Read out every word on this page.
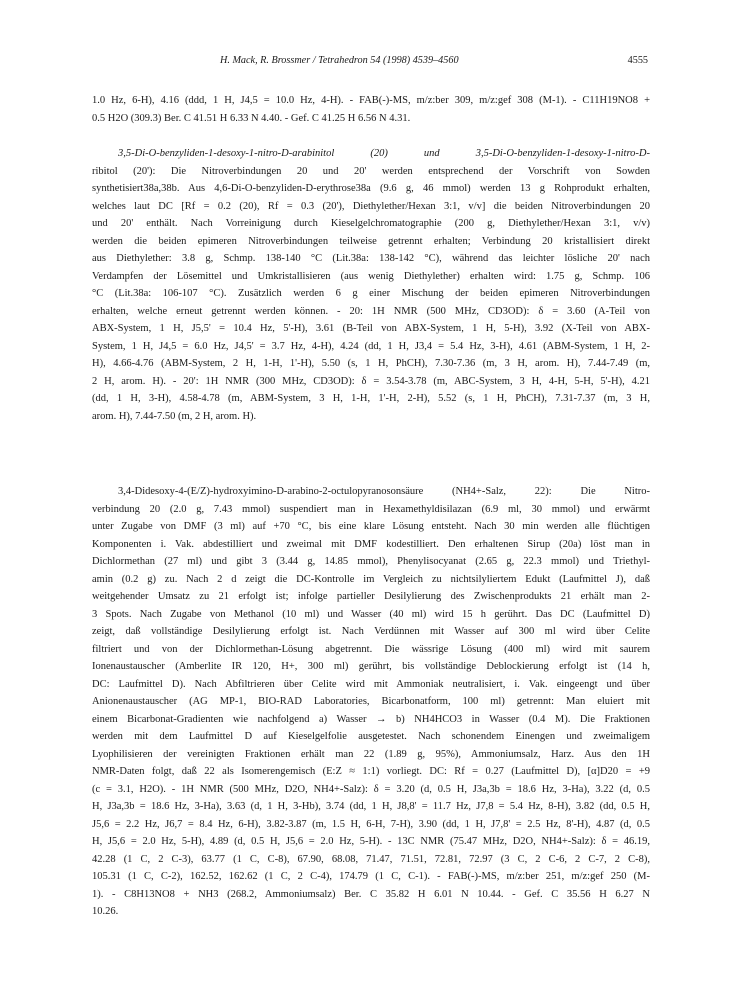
H. Mack, R. Brossmer / Tetrahedron 54 (1998) 4539–4560	4555
1.0 Hz, 6-H), 4.16 (ddd, 1 H, J4,5 = 10.0 Hz, 4-H). - FAB(-)-MS, m/z:ber 309, m/z:gef 308 (M-1). - C11H19NO8 +
0.5 H2O (309.3) Ber. C 41.51 H 6.33 N 4.40. - Gef. C 41.25 H 6.56 N 4.31.
3,5-Di-O-benzyliden-1-desoxy-1-nitro-D-arabinitol (20) und 3,5-Di-O-benzyliden-1-desoxy-1-nitro-D-
ribitol (20'): Die Nitroverbindungen 20 und 20' werden entsprechend der Vorschrift von Sowden
synthetisiert38a,38b. Aus 4,6-Di-O-benzyliden-D-erythrose38a (9.6 g, 46 mmol) werden 13 g Rohprodukt erhalten,
welches laut DC [Rf = 0.2 (20), Rf = 0.3 (20'), Diethylether/Hexan 3:1, v/v] die beiden Nitroverbindungen 20
und 20' enthält. Nach Vorreinigung durch Kieselgelchromatographie (200 g, Diethylether/Hexan 3:1, v/v)
werden die beiden epimeren Nitroverbindungen teilweise getrennt erhalten; Verbindung 20 kristallisiert direkt
aus Diethylether: 3.8 g, Schmp. 138-140 °C (Lit.38a: 138-142 °C), während das leichter lösliche 20' nach
Verdampfen der Lösemittel und Umkristallisieren (aus wenig Diethylether) erhalten wird: 1.75 g, Schmp. 106
°C (Lit.38a: 106-107 °C). Zusätzlich werden 6 g einer Mischung der beiden epimeren Nitroverbindungen
erhalten, welche erneut getrennt werden können. - 20: 1H NMR (500 MHz, CD3OD): δ = 3.60 (A-Teil von
ABX-System, 1 H, J5,5' = 10.4 Hz, 5'-H), 3.61 (B-Teil von ABX-System, 1 H, 5-H), 3.92 (X-Teil von ABX-
System, 1 H, J4,5 = 6.0 Hz, J4,5' = 3.7 Hz, 4-H), 4.24 (dd, 1 H, J3,4 = 5.4 Hz, 3-H), 4.61 (ABM-System, 1 H, 2-
H), 4.66-4.76 (ABM-System, 2 H, 1-H, 1'-H), 5.50 (s, 1 H, PhCH), 7.30-7.36 (m, 3 H, arom. H), 7.44-7.49 (m,
2 H, arom. H). - 20': 1H NMR (300 MHz, CD3OD): δ = 3.54-3.78 (m, ABC-System, 3 H, 4-H, 5-H, 5'-H), 4.21
(dd, 1 H, 3-H), 4.58-4.78 (m, ABM-System, 3 H, 1-H, 1'-H, 2-H), 5.52 (s, 1 H, PhCH), 7.31-7.37 (m, 3 H,
arom. H), 7.44-7.50 (m, 2 H, arom. H).
3,4-Didesoxy-4-(E/Z)-hydroxyimino-D-arabino-2-octulopyranosonsäure (NH4+-Salz, 22): Die Nitro-
verbindung 20 (2.0 g, 7.43 mmol) suspendiert man in Hexamethyldisilazan (6.9 ml, 30 mmol) und erwärmt
unter Zugabe von DMF (3 ml) auf +70 °C, bis eine klare Lösung entsteht. Nach 30 min werden alle flüchtigen
Komponenten i. Vak. abdestilliert und zweimal mit DMF kodestilliert. Den erhaltenen Sirup (20a) löst man in
Dichlormethan (27 ml) und gibt 3 (3.44 g, 14.85 mmol), Phenylisocyanat (2.65 g, 22.3 mmol) und Triethyl-
amin (0.2 g) zu. Nach 2 d zeigt die DC-Kontrolle im Vergleich zu nichtsilyliertem Edukt (Laufmittel J), daß
weitgehender Umsatz zu 21 erfolgt ist; infolge partieller Desilylierung des Zwischenprodukts 21 erhält man 2-
3 Spots. Nach Zugabe von Methanol (10 ml) und Wasser (40 ml) wird 15 h gerührt. Das DC (Laufmittel D)
zeigt, daß vollständige Desilylierung erfolgt ist. Nach Verdünnen mit Wasser auf 300 ml wird über Celite
filtriert und von der Dichlormethan-Lösung abgetrennt. Die wässrige Lösung (400 ml) wird mit saurem
Ionenaustauscher (Amberlite IR 120, H+, 300 ml) gerührt, bis vollständige Deblockierung erfolgt ist (14 h,
DC: Laufmittel D). Nach Abfiltrieren über Celite wird mit Ammoniak neutralisiert, i. Vak. eingeengt und über
Anionenaustauscher (AG MP-1, BIO-RAD Laboratories, Bicarbonatform, 100 ml) getrennt: Man eluiert mit
einem Bicarbonat-Gradienten wie nachfolgend a) Wasser → b) NH4HCO3 in Wasser (0.4 M). Die Fraktionen
werden mit dem Laufmittel D auf Kieselgelfolie ausgetestet. Nach schonendem Einengen und zweimaligem
Lyophilisieren der vereinigten Fraktionen erhält man 22 (1.89 g, 95%), Ammoniumsalz, Harz. Aus den 1H
NMR-Daten folgt, daß 22 als Isomerengemisch (E:Z ≈ 1:1) vorliegt. DC: Rf = 0.27 (Laufmittel D), [α]D20 = +9
(c = 3.1, H2O). - 1H NMR (500 MHz, D2O, NH4+-Salz): δ = 3.20 (d, 0.5 H, J3a,3b = 18.6 Hz, 3-Ha), 3.22 (d, 0.5
H, J3a,3b = 18.6 Hz, 3-Ha), 3.63 (d, 1 H, 3-Hb), 3.74 (dd, 1 H, J8,8' = 11.7 Hz, J7,8 = 5.4 Hz, 8-H), 3.82 (dd, 0.5 H,
J5,6 = 2.2 Hz, J6,7 = 8.4 Hz, 6-H), 3.82-3.87 (m, 1.5 H, 6-H, 7-H), 3.90 (dd, 1 H, J7,8' = 2.5 Hz, 8'-H), 4.87 (d, 0.5
H, J5,6 = 2.0 Hz, 5-H), 4.89 (d, 0.5 H, J5,6 = 2.0 Hz, 5-H). - 13C NMR (75.47 MHz, D2O, NH4+-Salz): δ = 46.19,
42.28 (1 C, 2 C-3), 63.77 (1 C, C-8), 67.90, 68.08, 71.47, 71.51, 72.81, 72.97 (3 C, 2 C-6, 2 C-7, 2 C-8),
105.31 (1 C, C-2), 162.52, 162.62 (1 C, 2 C-4), 174.79 (1 C, C-1). - FAB(-)-MS, m/z:ber 251, m/z:gef 250 (M-
1). - C8H13NO8 + NH3 (268.2, Ammoniumsalz) Ber. C 35.82 H 6.01 N 10.44. - Gef. C 35.56 H 6.27 N
10.26.
